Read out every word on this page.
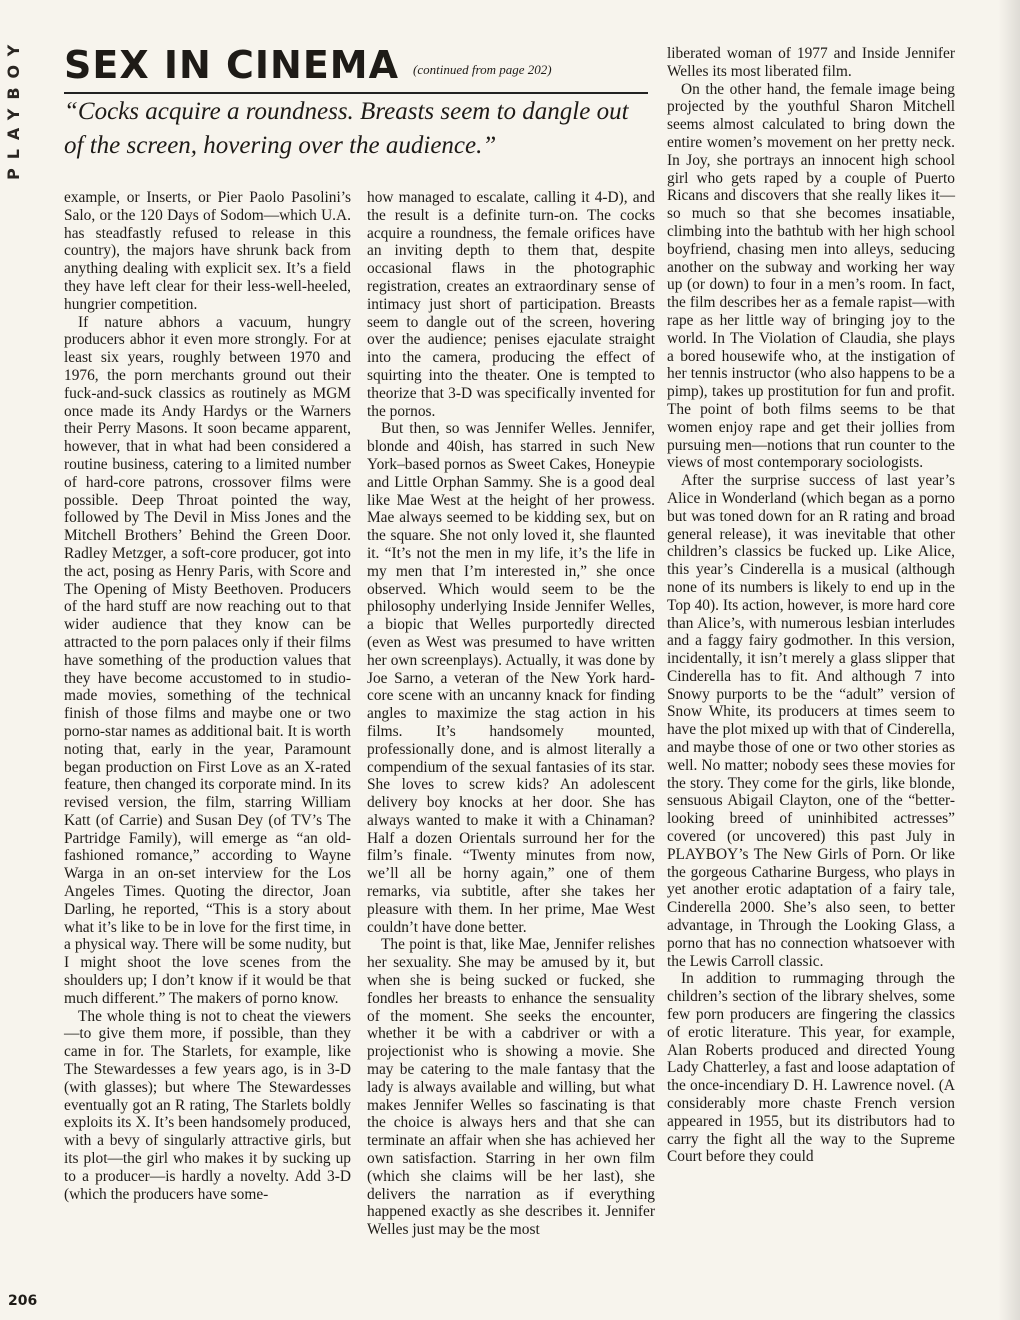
PLAYBOY SEX IN CINEMA (continued from page 202)
“Cocks acquire a roundness. Breasts seem to dangle out of the screen, hovering over the audience.”

example, or Inserts, or Pier Paolo Pasolini’s Salo, or the 120 Days of Sodom—which U.A. has steadfastly refused to release in this country), the majors have shrunk back from anything dealing with explicit sex. It’s a field they have left clear for their less-well-heeled, hungrier competition.

If nature abhors a vacuum, hungry producers abhor it even more strongly. For at least six years, roughly between 1970 and 1976, the porn merchants ground out their fuck-and-suck classics as routinely as MGM once made its Andy Hardys or the Warners their Perry Masons. It soon became apparent, however, that in what had been considered a routine business, catering to a limited number of hard-core patrons, crossover films were possible. Deep Throat pointed the way, followed by The Devil in Miss Jones and the Mitchell Brothers’ Behind the Green Door. Radley Metzger, a soft-core producer, got into the act, posing as Henry Paris, with Score and The Opening of Misty Beethoven. Producers of the hard stuff are now reaching out to that wider audience that they know can be attracted to the porn palaces only if their films have something of the production values that they have become accustomed to in studio-made movies, something of the technical finish of those films and maybe one or two porno-star names as additional bait. It is worth noting that, early in the year, Paramount began production on First Love as an X-rated feature, then changed its corporate mind. In its revised version, the film, starring William Katt (of Carrie) and Susan Dey (of TV’s The Partridge Family), will emerge as “an old-fashioned romance,” according to Wayne Warga in an on-set interview for the Los Angeles Times. Quoting the director, Joan Darling, he reported, “This is a story about what it’s like to be in love for the first time, in a physical way. There will be some nudity, but I might shoot the love scenes from the shoulders up; I don’t know if it would be that much different.” The makers of porno know.

The whole thing is not to cheat the viewers—to give them more, if possible, than they came in for. The Starlets, for example, like The Stewardesses a few years ago, is in 3-D (with glasses); but where The Stewardesses eventually got an R rating, The Starlets boldly exploits its X. It’s been handsomely produced, with a bevy of singularly attractive girls, but its plot—the girl who makes it by sucking up to a producer—is hardly a novelty. Add 3-D (which the producers have some-

how managed to escalate, calling it 4-D), and the result is a definite turn-on. The cocks acquire a roundness, the female orifices have an inviting depth to them that, despite occasional flaws in the photographic registration, creates an extraordinary sense of intimacy just short of participation. Breasts seem to dangle out of the screen, hovering over the audience; penises ejaculate straight into the camera, producing the effect of squirting into the theater. One is tempted to theorize that 3-D was specifically invented for the pornos.

But then, so was Jennifer Welles. Jennifer, blonde and 40ish, has starred in such New York–based pornos as Sweet Cakes, Honeypie and Little Orphan Sammy. She is a good deal like Mae West at the height of her prowess. Mae always seemed to be kidding sex, but on the square. She not only loved it, she flaunted it. “It’s not the men in my life, it’s the life in my men that I’m interested in,” she once observed. Which would seem to be the philosophy underlying Inside Jennifer Welles, a biopic that Welles purportedly directed (even as West was presumed to have written her own screenplays). Actually, it was done by Joe Sarno, a veteran of the New York hard-core scene with an uncanny knack for finding angles to maximize the stag action in his films. It’s handsomely mounted, professionally done, and is almost literally a compendium of the sexual fantasies of its star. She loves to screw kids? An adolescent delivery boy knocks at her door. She has always wanted to make it with a Chinaman? Half a dozen Orientals surround her for the film’s finale. “Twenty minutes from now, we’ll all be horny again,” one of them remarks, via subtitle, after she takes her pleasure with them. In her prime, Mae West couldn’t have done better.

The point is that, like Mae, Jennifer relishes her sexuality. She may be amused by it, but when she is being sucked or fucked, she fondles her breasts to enhance the sensuality of the moment. She seeks the encounter, whether it be with a cabdriver or with a projectionist who is showing a movie. She may be catering to the male fantasy that the lady is always available and willing, but what makes Jennifer Welles so fascinating is that the choice is always hers and that she can terminate an affair when she has achieved her own satisfaction. Starring in her own film (which she claims will be her last), she delivers the narration as if everything happened exactly as she describes it. Jennifer Welles just may be the most

liberated woman of 1977 and Inside Jennifer Welles its most liberated film.

On the other hand, the female image being projected by the youthful Sharon Mitchell seems almost calculated to bring down the entire women’s movement on her pretty neck. In Joy, she portrays an innocent high school girl who gets raped by a couple of Puerto Ricans and discovers that she really likes it—so much so that she becomes insatiable, climbing into the bathtub with her high school boyfriend, chasing men into alleys, seducing another on the subway and working her way up (or down) to four in a men’s room. In fact, the film describes her as a female rapist—with rape as her little way of bringing joy to the world. In The Violation of Claudia, she plays a bored housewife who, at the instigation of her tennis instructor (who also happens to be a pimp), takes up prostitution for fun and profit. The point of both films seems to be that women enjoy rape and get their jollies from pursuing men—notions that run counter to the views of most contemporary sociologists.

After the surprise success of last year’s Alice in Wonderland (which began as a porno but was toned down for an R rating and broad general release), it was inevitable that other children’s classics be fucked up. Like Alice, this year’s Cinderella is a musical (although none of its numbers is likely to end up in the Top 40). Its action, however, is more hard core than Alice’s, with numerous lesbian interludes and a faggy fairy godmother. In this version, incidentally, it isn’t merely a glass slipper that Cinderella has to fit. And although 7 into Snowy purports to be the “adult” version of Snow White, its producers at times seem to have the plot mixed up with that of Cinderella, and maybe those of one or two other stories as well. No matter; nobody sees these movies for the story. They come for the girls, like blonde, sensuous Abigail Clayton, one of the “better-looking breed of uninhibited actresses” covered (or uncovered) this past July in PLAYBOY’s The New Girls of Porn. Or like the gorgeous Catharine Burgess, who plays in yet another erotic adaptation of a fairy tale, Cinderella 2000. She’s also seen, to better advantage, in Through the Looking Glass, a porno that has no connection whatsoever with the Lewis Carroll classic.

In addition to rummaging through the children’s section of the library shelves, some few porn producers are fingering the classics of erotic literature. This year, for example, Alan Roberts produced and directed Young Lady Chatterley, a fast and loose adaptation of the once-incendiary D. H. Lawrence novel. (A considerably more chaste French version appeared in 1955, but its distributors had to carry the fight all the way to the Supreme Court before they could

206
